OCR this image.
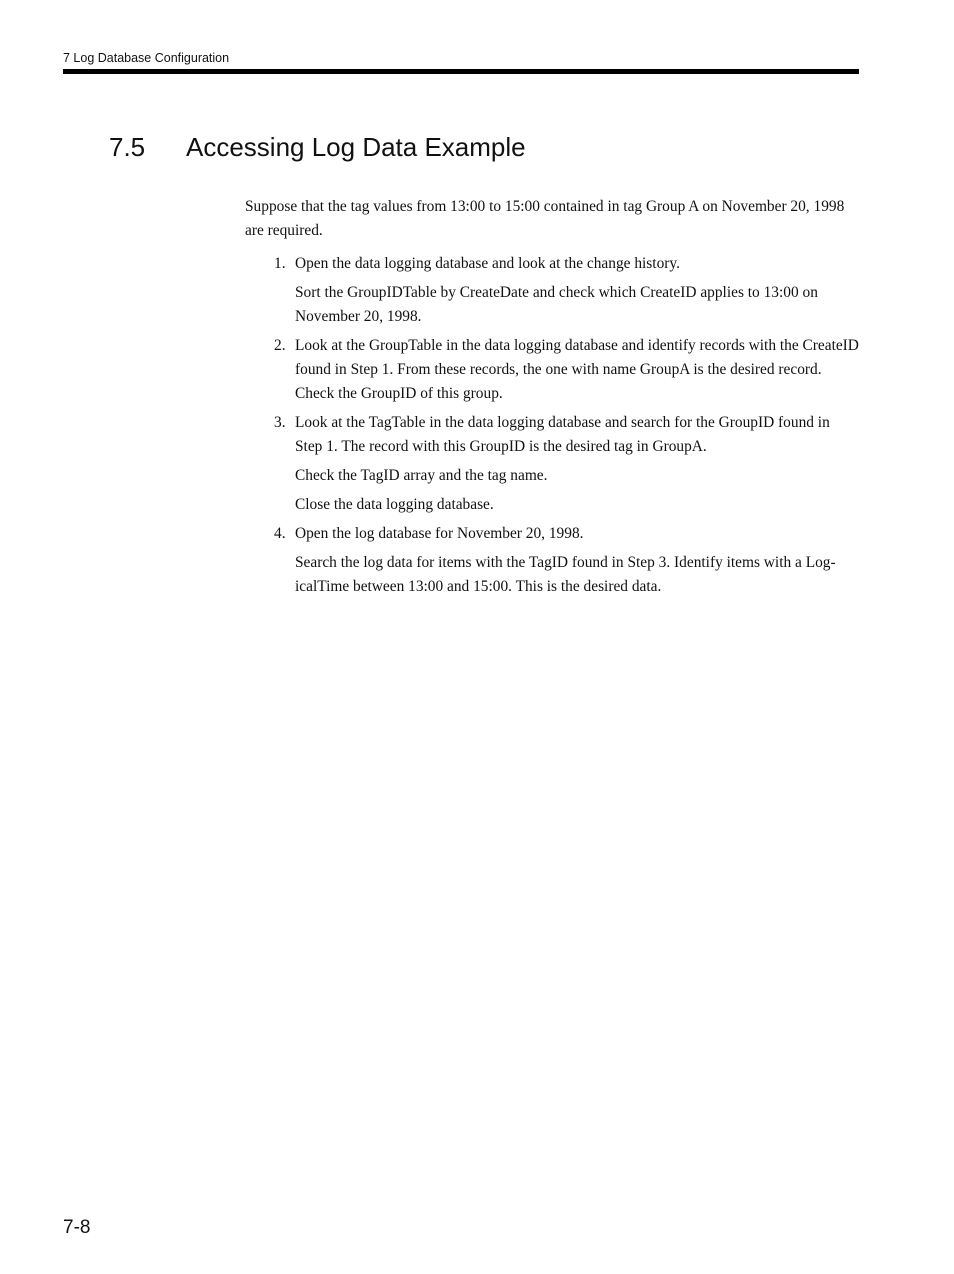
7 Log Database Configuration
7.5 Accessing Log Data Example

Suppose that the tag values from 13:00 to 15:00 contained in tag Group A on November 20, 1998 are required.

1. Open the data logging database and look at the change history.

Sort the GroupIDTable by CreateDate and check which CreateID applies to 13:00 on November 20, 1998.

2. Look at the GroupTable in the data logging database and identify records with the CreateID found in Step 1. From these records, the one with name GroupA is the desired record. Check the GroupID of this group.

3. Look at the TagTable in the data logging database and search for the GroupID found in Step 1. The record with this GroupID is the desired tag in GroupA.

Check the TagID array and the tag name.

Close the data logging database.

4. Open the log database for November 20, 1998.

Search the log data for items with the TagID found in Step 3. Identify items with a LogicalTime between 13:00 and 15:00. This is the desired data.

7-8
